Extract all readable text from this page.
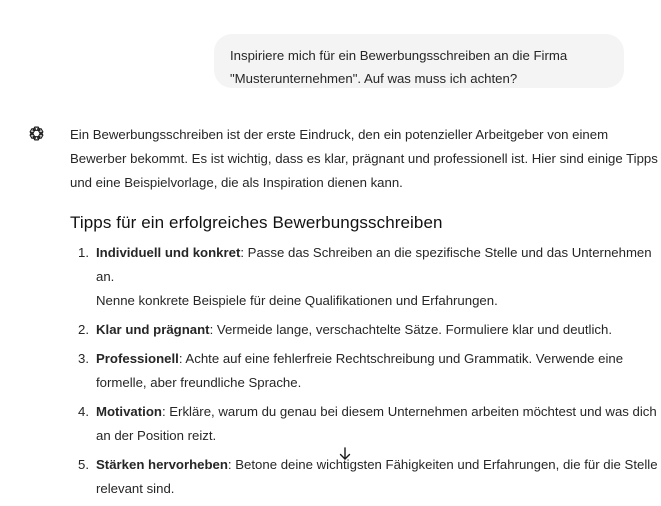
Inspiriere mich für ein Bewerbungsschreiben an die Firma
"Musterunternehmen". Auf was muss ich achten?
Ein Bewerbungsschreiben ist der erste Eindruck, den ein potenzieller Arbeitgeber von einem
Bewerber bekommt. Es ist wichtig, dass es klar, prägnant und professionell ist. Hier sind einige Tipps
und eine Beispielvorlage, die als Inspiration dienen kann.
Tipps für ein erfolgreiches Bewerbungsschreiben
1. Individuell und konkret: Passe das Schreiben an die spezifische Stelle und das Unternehmen an.
Nenne konkrete Beispiele für deine Qualifikationen und Erfahrungen.
2. Klar und prägnant: Vermeide lange, verschachtelte Sätze. Formuliere klar und deutlich.
3. Professionell: Achte auf eine fehlerfreie Rechtschreibung und Grammatik. Verwende eine
formelle, aber freundliche Sprache.
4. Motivation: Erkläre, warum du genau bei diesem Unternehmen arbeiten möchtest und was dich
an der Position reizt.
5. Stärken hervorheben: Betone deine wichtigsten Fähigkeiten und Erfahrungen, die für die Stelle
relevant sind.
